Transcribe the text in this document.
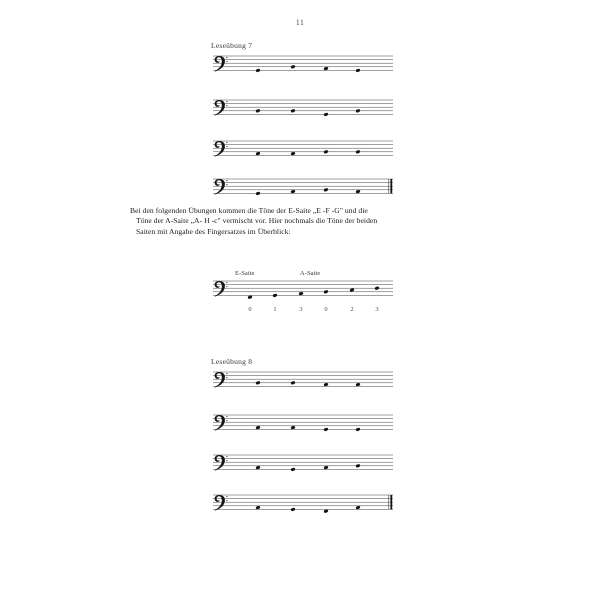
11
Leseübung 7
Leseübung 8
Bei den folgenden Übungen kommen die Töne der E-Saite „E -F -G" und die
Töne der A-Saite „A- H -c" vermischt vor. Hier nochmals die Töne der beiden
Saiten mit Angabe des Fingersatzes im Überblick:
E-Saite	A-Saite
0	1	3	0	2	3
